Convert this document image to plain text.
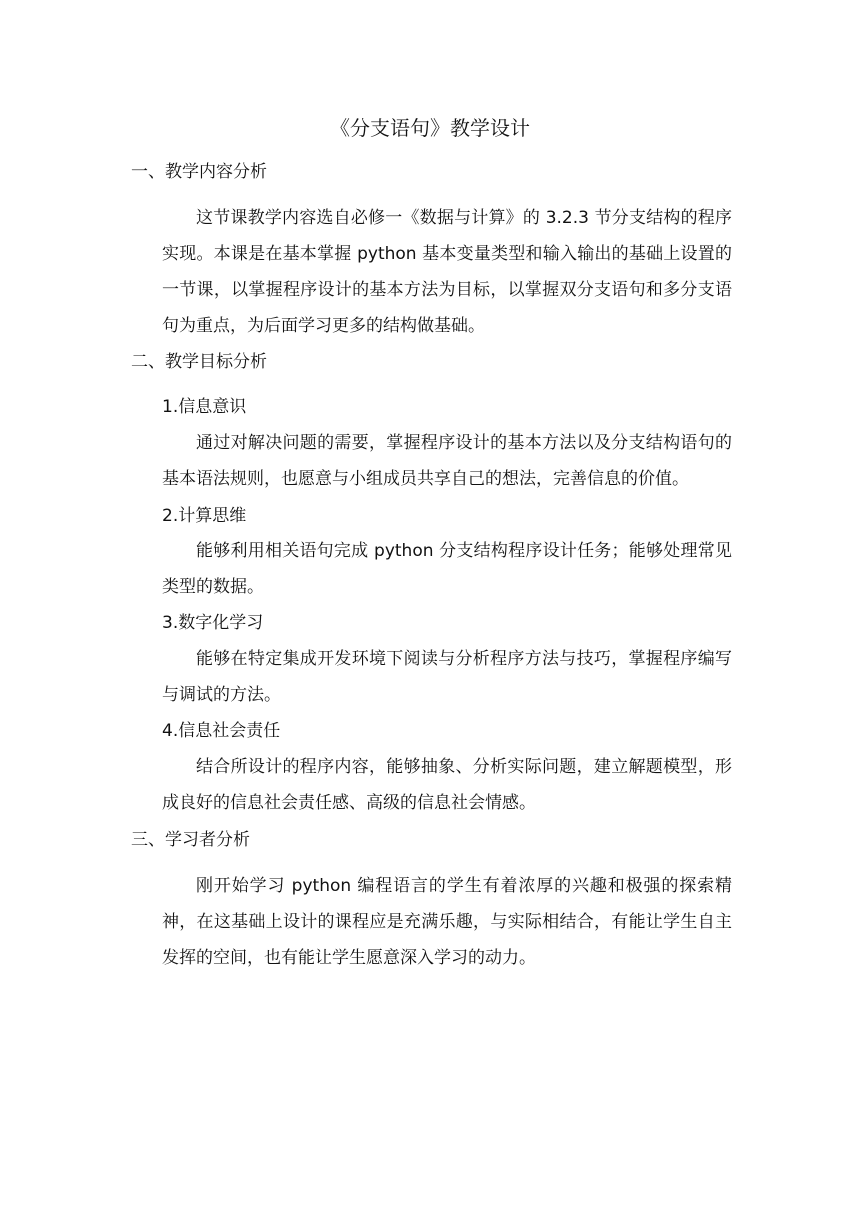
《分支语句》教学设计
一、教学内容分析

这节课教学内容选自必修一《数据与计算》的 3.2.3 节分支结构的程序实现。本课是在基本掌握 python 基本变量类型和输入输出的基础上设置的一节课，以掌握程序设计的基本方法为目标，以掌握双分支语句和多分支语句为重点，为后面学习更多的结构做基础。

二、教学目标分析
1.信息意识

通过对解决问题的需要，掌握程序设计的基本方法以及分支结构语句的基本语法规则，也愿意与小组成员共享自己的想法，完善信息的价值。

2.计算思维

能够利用相关语句完成 python 分支结构程序设计任务；能够处理常见类型的数据。

3.数字化学习

能够在特定集成开发环境下阅读与分析程序方法与技巧，掌握程序编写与调试的方法。

4.信息社会责任

结合所设计的程序内容，能够抽象、分析实际问题，建立解题模型，形成良好的信息社会责任感、高级的信息社会情感。

三、学习者分析

刚开始学习 python 编程语言的学生有着浓厚的兴趣和极强的探索精神，在这基础上设计的课程应是充满乐趣，与实际相结合，有能让学生自主发挥的空间，也有能让学生愿意深入学习的动力。
